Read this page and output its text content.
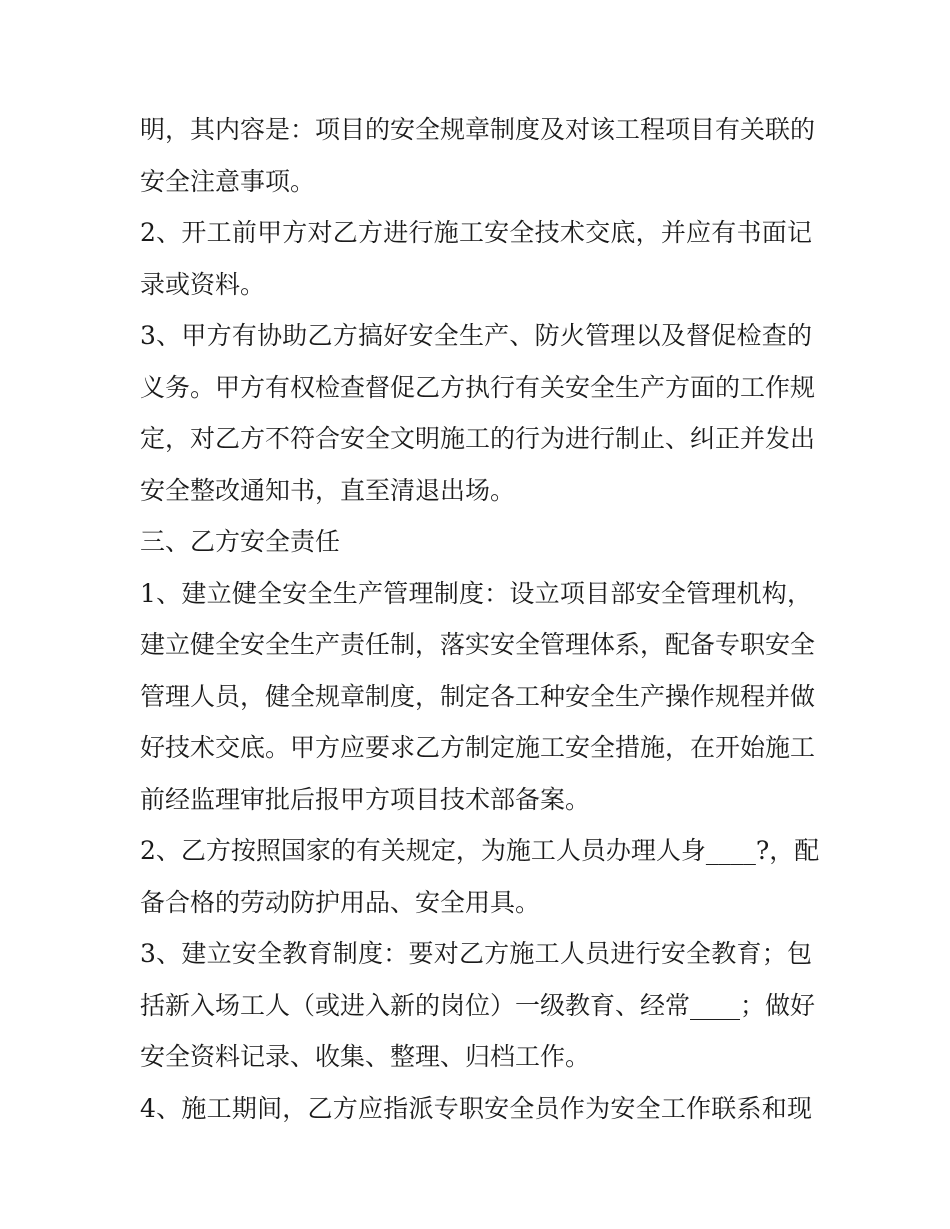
明，其内容是：项目的安全规章制度及对该工程项目有关联的
安全注意事项。
2、开工前甲方对乙方进行施工安全技术交底，并应有书面记
录或资料。
3、甲方有协助乙方搞好安全生产、防火管理以及督促检查的
义务。甲方有权检查督促乙方执行有关安全生产方面的工作规
定，对乙方不符合安全文明施工的行为进行制止、纠正并发出
安全整改通知书，直至清退出场。
三、乙方安全责任
1、建立健全安全生产管理制度：设立项目部安全管理机构，
建立健全安全生产责任制，落实安全管理体系，配备专职安全
管理人员，健全规章制度，制定各工种安全生产操作规程并做
好技术交底。甲方应要求乙方制定施工安全措施，在开始施工
前经监理审批后报甲方项目技术部备案。
2、乙方按照国家的有关规定，为施工人员办理人身____?，配
备合格的劳动防护用品、安全用具。
3、建立安全教育制度：要对乙方施工人员进行安全教育；包
括新入场工人（或进入新的岗位）一级教育、经常____；做好
安全资料记录、收集、整理、归档工作。
4、施工期间，乙方应指派专职安全员作为安全工作联系和现
